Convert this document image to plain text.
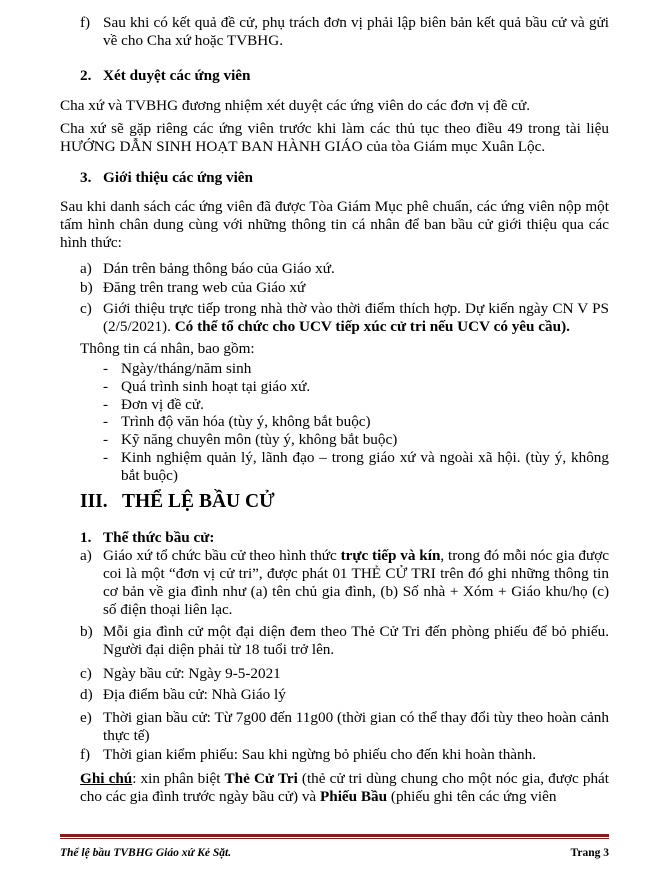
f) Sau khi có kết quả đề cử, phụ trách đơn vị phải lập biên bản kết quả bầu cử và gửi về cho Cha xứ hoặc TVBHG.
2. Xét duyệt các ứng viên
Cha xứ và TVBHG đương nhiệm xét duyệt các ứng viên do các đơn vị đề cử.
Cha xứ sẽ gặp riêng các ứng viên trước khi làm các thủ tục theo điều 49 trong tài liệu HƯỚNG DẪN SINH HOẠT BAN HÀNH GIÁO của tòa Giám mục Xuân Lộc.
3. Giới thiệu các ứng viên
Sau khi danh sách các ứng viên đã được Tòa Giám Mục phê chuẩn, các ứng viên nộp một tấm hình chân dung cùng với những thông tin cá nhân để ban bầu cử giới thiệu qua các hình thức:
a) Dán trên bảng thông báo của Giáo xứ.
b) Đăng trên trang web của Giáo xứ
c) Giới thiệu trực tiếp trong nhà thờ vào thời điểm thích hợp. Dự kiến ngày CN V PS (2/5/2021). Có thể tổ chức cho UCV tiếp xúc cử tri nếu UCV có yêu cầu).
Thông tin cá nhân, bao gồm:
- Ngày/tháng/năm sinh
- Quá trình sinh hoạt tại giáo xứ.
- Đơn vị đề cử.
- Trình độ văn hóa (tùy ý, không bắt buộc)
- Kỹ năng chuyên môn (tùy ý, không bắt buộc)
- Kinh nghiệm quản lý, lãnh đạo – trong giáo xứ và ngoài xã hội. (tùy ý, không bắt buộc)
III. THỂ LỆ BẦU CỬ
1. Thể thức bầu cử:
a) Giáo xứ tổ chức bầu cử theo hình thức trực tiếp và kín, trong đó mỗi nóc gia được coi là một “đơn vị cử tri”, được phát 01 THẺ CỬ TRI trên đó ghi những thông tin cơ bản về gia đình như (a) tên chủ gia đình, (b) Số nhà + Xóm + Giáo khu/họ (c) số điện thoại liên lạc.
b) Mỗi gia đình cử một đại diện đem theo Thẻ Cử Tri đến phòng phiếu để bỏ phiếu. Người đại diện phải từ 18 tuổi trở lên.
c) Ngày bầu cử: Ngày 9-5-2021
d) Địa điểm bầu cử: Nhà Giáo lý
e) Thời gian bầu cử: Từ 7g00 đến 11g00 (thời gian có thể thay đổi tùy theo hoàn cảnh thực tế)
f) Thời gian kiểm phiếu: Sau khi ngừng bỏ phiếu cho đến khi hoàn thành.
Ghi chú: xin phân biệt Thẻ Cử Tri (thẻ cử tri dùng chung cho một nóc gia, được phát cho các gia đình trước ngày bầu cử) và Phiếu Bầu (phiếu ghi tên các ứng viên
Thể lệ bầu TVBHG Giáo xứ Kẻ Sặt.	Trang 3
